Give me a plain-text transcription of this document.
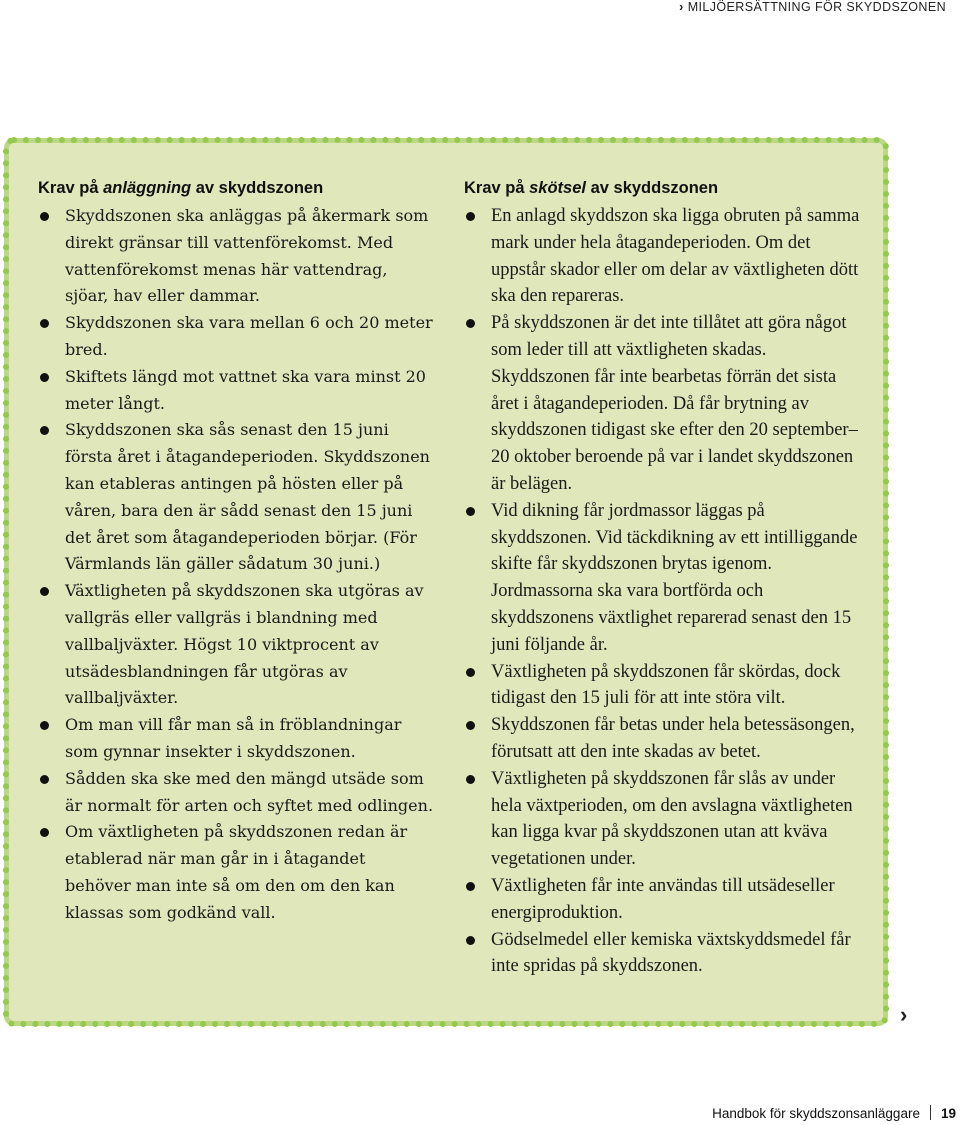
› MILJÖERSÄTTNING FÖR SKYDDSZONEN
Krav på anläggning av skyddszonen
Skyddszonen ska anläggas på åkermark som direkt gränsar till vattenförekomst. Med vattenförekomst menas här vattendrag, sjöar, hav eller dammar.
Skyddszonen ska vara mellan 6 och 20 meter bred.
Skiftets längd mot vattnet ska vara minst 20 meter långt.
Skyddszonen ska sås senast den 15 juni första året i åtagandeperioden. Skyddszonen kan etableras antingen på hösten eller på våren, bara den är sådd senast den 15 juni det året som åtagandeperioden börjar. (För Värmlands län gäller sådatum 30 juni.)
Växtligheten på skyddszonen ska utgöras av vallgräs eller vallgräs i blandning med vallbaljväxter. Högst 10 viktprocent av utsädesblandningen får utgöras av vallbaljväxter.
Om man vill får man så in fröblandningar som gynnar insekter i skyddszonen.
Sådden ska ske med den mängd utsäde som är normalt för arten och syftet med odlingen.
Om växtligheten på skyddszonen redan är etablerad när man går in i åtagandet behöver man inte så om den om den kan klassas som godkänd vall.
Krav på skötsel av skyddszonen
En anlagd skyddszon ska ligga obruten på samma mark under hela åtagandeperioden. Om det uppstår skador eller om delar av växtligheten dött ska den repareras.
På skyddszonen är det inte tillåtet att göra något som leder till att växtligheten skadas. Skyddszonen får inte bearbetas förrän det sista året i åtagandeperioden. Då får brytning av skyddszonen tidigast ske efter den 20 september–20 oktober beroende på var i landet skyddszonen är belägen.
Vid dikning får jordmassor läggas på skyddszonen. Vid täckdikning av ett intilliggande skifte får skyddszonen brytas igenom. Jordmassorna ska vara bortförda och skyddszonens växtlighet reparerad senast den 15 juni följande år.
Växtligheten på skyddszonen får skördas, dock tidigast den 15 juli för att inte störa vilt.
Skyddszonen får betas under hela betessäsongen, förutsatt att den inte skadas av betet.
Växtligheten på skyddszonen får slås av under hela växtperioden, om den avslagna växtligheten kan ligga kvar på skyddszonen utan att kväva vegetationen under.
Växtligheten får inte användas till utsädeseller energiproduktion.
Gödselmedel eller kemiska växtskyddsmedel får inte spridas på skyddszonen.
›
Handbok för skyddszonsanläggare 19
